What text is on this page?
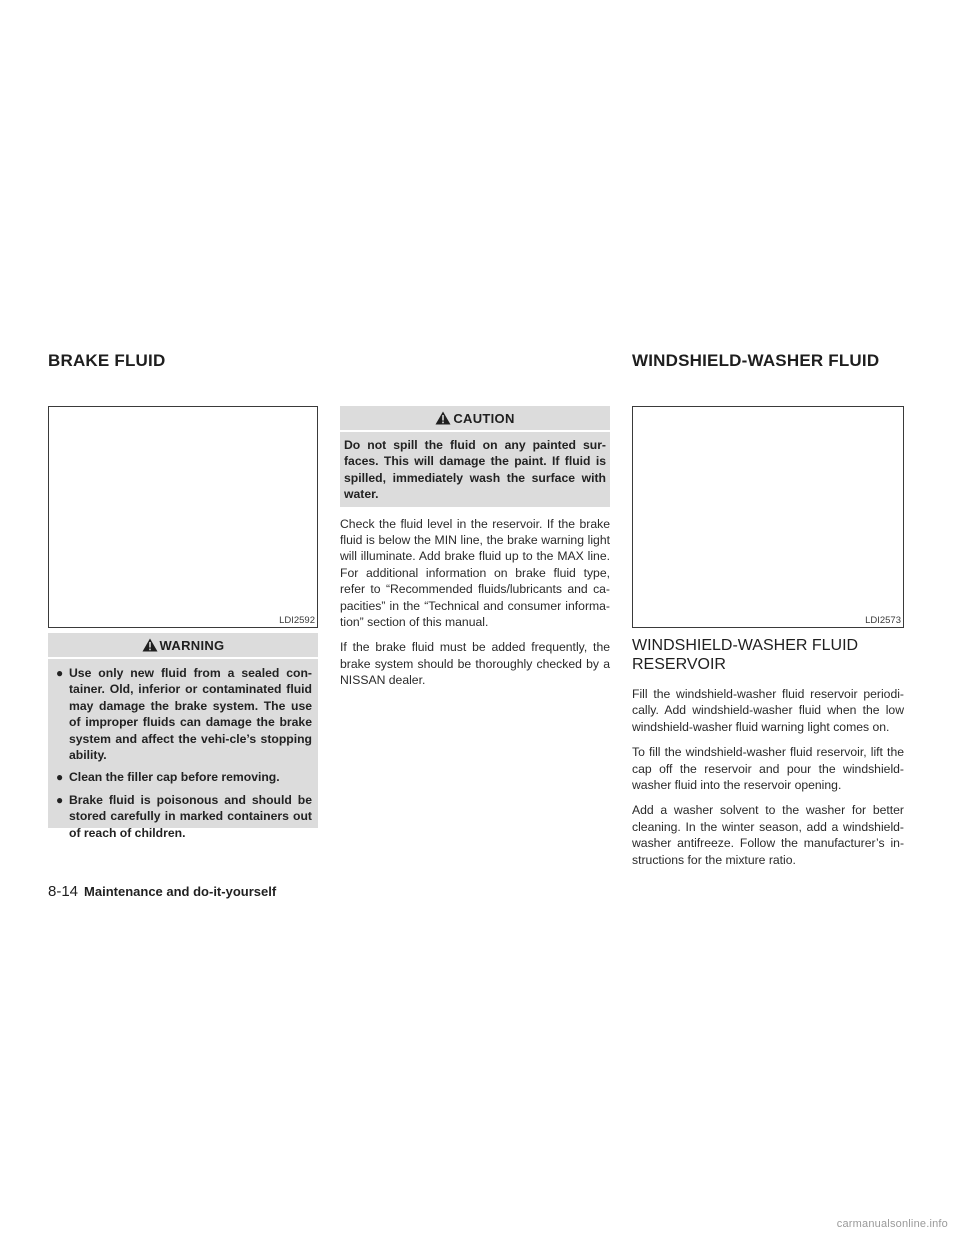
BRAKE FLUID	WINDSHIELD-WASHER FLUID
LDI2592
WARNING
● Use only new fluid from a sealed con-tainer. Old, inferior or contaminated fluid may damage the brake system. The use of improper fluids can damage the brake system and affect the vehi-cle’s stopping ability.
● Clean the filler cap before removing.
● Brake fluid is poisonous and should be stored carefully in marked containers out of reach of children.
CAUTION
Do not spill the fluid on any painted sur-faces. This will damage the paint. If fluid is spilled, immediately wash the surface with water.

Check the fluid level in the reservoir. If the brake fluid is below the MIN line, the brake warning light will illuminate. Add brake fluid up to the MAX line. For additional information on brake fluid type, refer to “Recommended fluids/lubricants and ca-pacities” in the “Technical and consumer informa-tion” section of this manual.

If the brake fluid must be added frequently, the brake system should be thoroughly checked by a NISSAN dealer.

LDI2573
WINDSHIELD-WASHER FLUID RESERVOIR

Fill the windshield-washer fluid reservoir periodi-cally. Add windshield-washer fluid when the low windshield-washer fluid warning light comes on.

To fill the windshield-washer fluid reservoir, lift the cap off the reservoir and pour the windshield-washer fluid into the reservoir opening.

Add a washer solvent to the washer for better cleaning. In the winter season, add a windshield-washer antifreeze. Follow the manufacturer’s in-structions for the mixture ratio.

8-14 Maintenance and do-it-yourself
carmanualsonline.info
